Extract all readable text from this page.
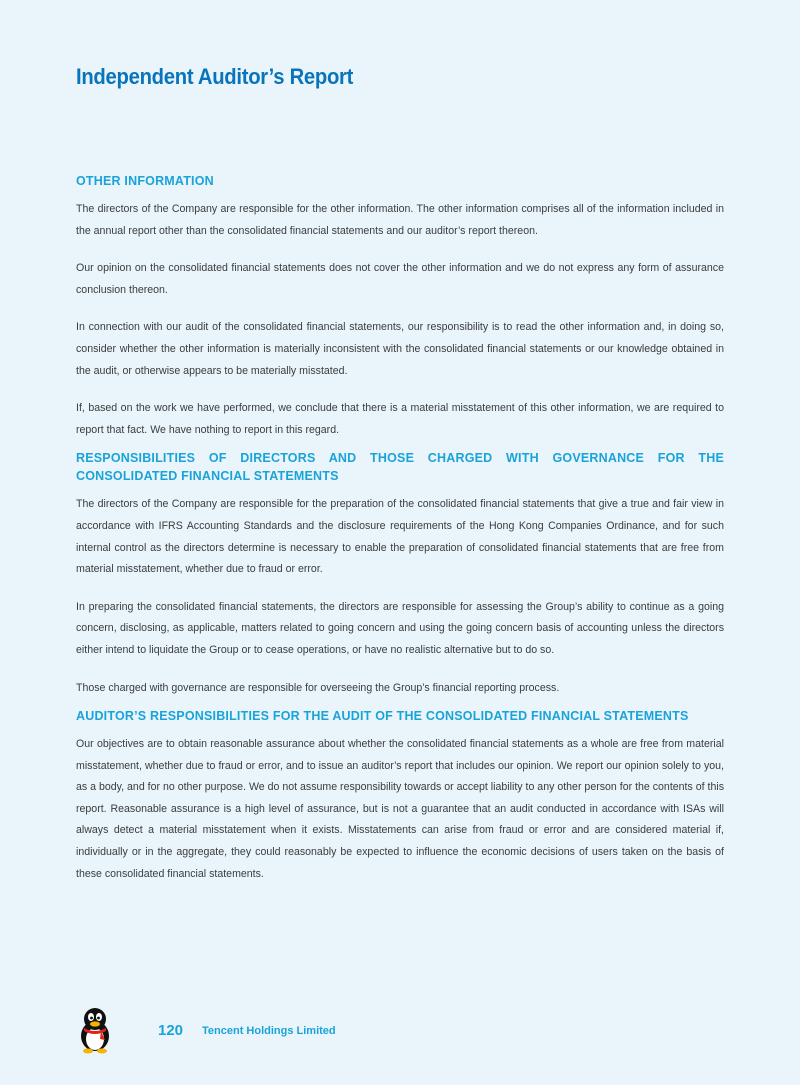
Independent Auditor’s Report
OTHER INFORMATION

The directors of the Company are responsible for the other information. The other information comprises all of the information included in the annual report other than the consolidated financial statements and our auditor’s report thereon.

Our opinion on the consolidated financial statements does not cover the other information and we do not express any form of assurance conclusion thereon.

In connection with our audit of the consolidated financial statements, our responsibility is to read the other information and, in doing so, consider whether the other information is materially inconsistent with the consolidated financial statements or our knowledge obtained in the audit, or otherwise appears to be materially misstated.

If, based on the work we have performed, we conclude that there is a material misstatement of this other information, we are required to report that fact. We have nothing to report in this regard.

RESPONSIBILITIES OF DIRECTORS AND THOSE CHARGED WITH GOVERNANCE FOR THE CONSOLIDATED FINANCIAL STATEMENTS

The directors of the Company are responsible for the preparation of the consolidated financial statements that give a true and fair view in accordance with IFRS Accounting Standards and the disclosure requirements of the Hong Kong Companies Ordinance, and for such internal control as the directors determine is necessary to enable the preparation of consolidated financial statements that are free from material misstatement, whether due to fraud or error.

In preparing the consolidated financial statements, the directors are responsible for assessing the Group’s ability to continue as a going concern, disclosing, as applicable, matters related to going concern and using the going concern basis of accounting unless the directors either intend to liquidate the Group or to cease operations, or have no realistic alternative but to do so.

Those charged with governance are responsible for overseeing the Group’s financial reporting process.

AUDITOR’S RESPONSIBILITIES FOR THE AUDIT OF THE CONSOLIDATED FINANCIAL STATEMENTS

Our objectives are to obtain reasonable assurance about whether the consolidated financial statements as a whole are free from material misstatement, whether due to fraud or error, and to issue an auditor’s report that includes our opinion. We report our opinion solely to you, as a body, and for no other purpose. We do not assume responsibility towards or accept liability to any other person for the contents of this report. Reasonable assurance is a high level of assurance, but is not a guarantee that an audit conducted in accordance with ISAs will always detect a material misstatement when it exists. Misstatements can arise from fraud or error and are considered material if, individually or in the aggregate, they could reasonably be expected to influence the economic decisions of users taken on the basis of these consolidated financial statements.

120 Tencent Holdings Limited
